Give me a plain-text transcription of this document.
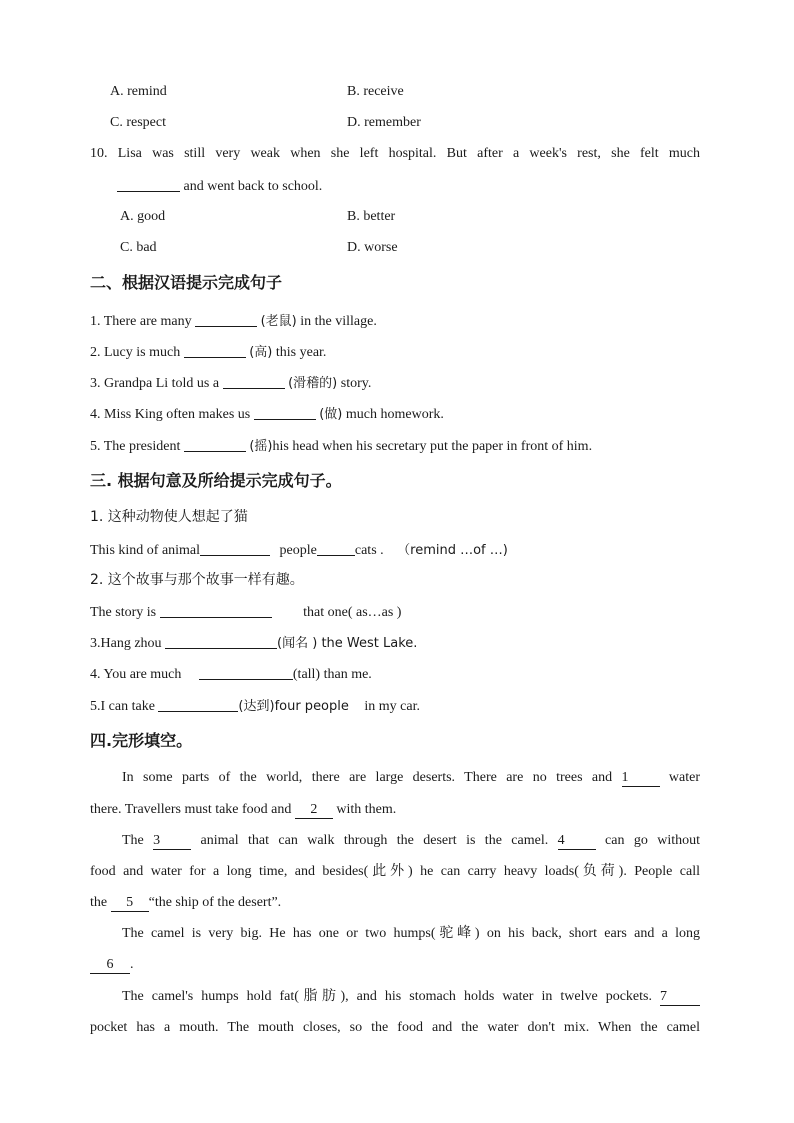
A. remind	B. receive
C. respect	D. remember
10. Lisa was still very weak when she left hospital. But after a week's rest, she felt much
and went back to school.
A. good	B. better
C. bad	D. worse
二、根据汉语提示完成句子
1. There are many	(老鼠) in the village.
2. Lucy is much	(高) this year.
3. Grandpa Li told us a	(滑稽的) story.
4. Miss King often makes us	(做) much homework.
5. The president	(摇)his head when his secretary put the paper in front of him.
三. 根据句意及所给提示完成句子。
1. 这种动物使人想起了猫
This kind of animal	people	cats . （remind …of …)
2. 这个故事与那个故事一样有趣。
The story is	that one( as…as )
3.Hang zhou	(闻名 ) the West Lake.
4. You are much	(tall) than me.
5.I can take	(达到)four people in my car.
四.完形填空。
In some parts of the world, there are large deserts. There are no trees and 1	water
there. Travellers must take food and 2 with them.
The 3	animal that can walk through the desert is the camel. 4	can go without
food and water for a long time, and besides(此外) he can carry heavy loads(负荷). People call
the 5 “the ship of the desert”.
The camel is very big. He has one or two humps(驼峰) on his back, short ears and a long
6 .
The camel's humps hold fat(脂肪), and his stomach holds water in twelve pockets. 7
pocket has a mouth. The mouth closes, so the food and the water don't mix. When the camel
